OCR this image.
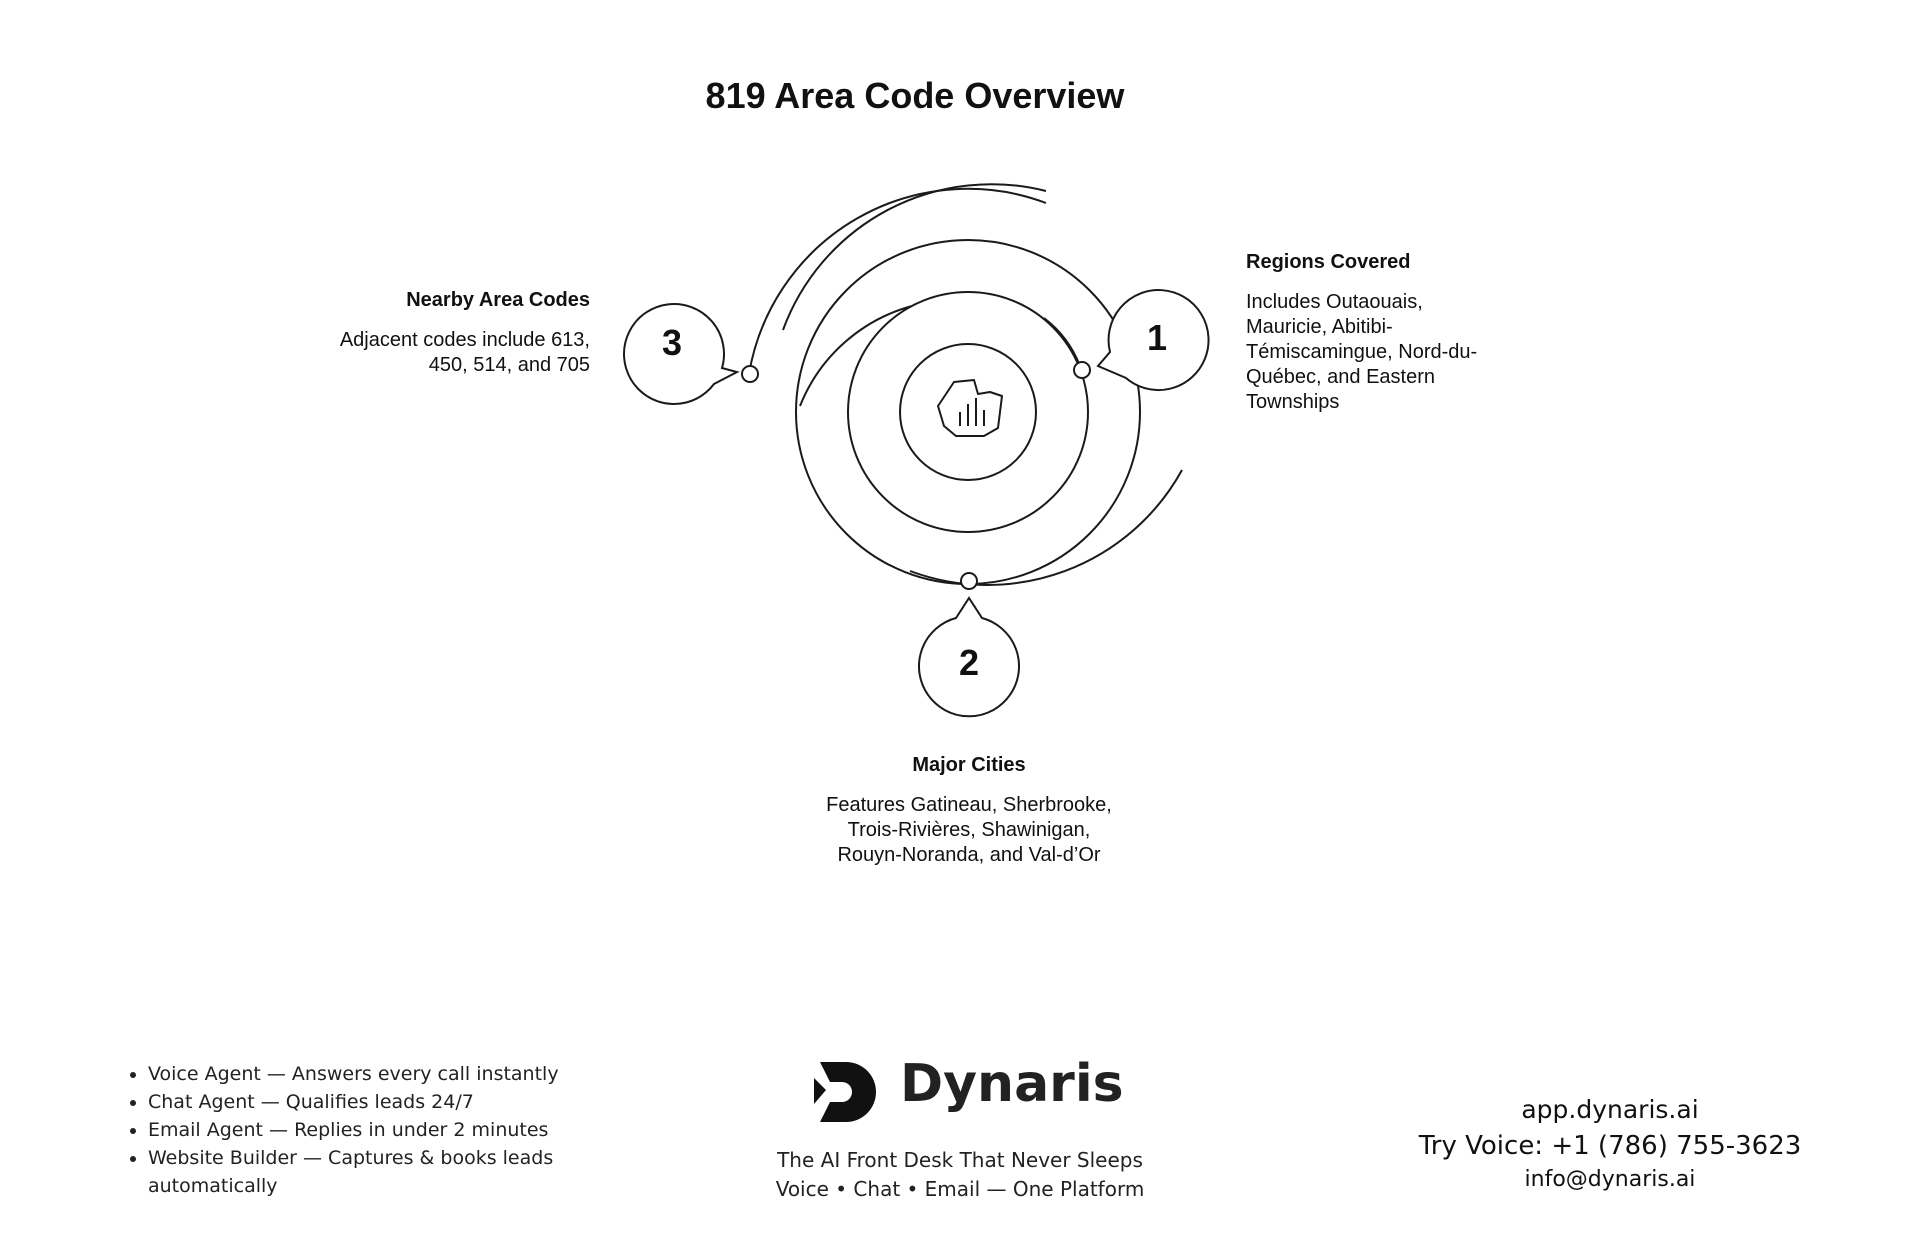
819 Area Code Overview
1
2
3

Regions Covered

Includes Outaouais,
Mauricie, Abitibi-
Témiscamingue, Nord-du-
Québec, and Eastern
Townships

Major Cities

Features Gatineau, Sherbrooke,
Trois-Rivières, Shawinigan,
Rouyn-Noranda, and Val-d’Or

Nearby Area Codes

Adjacent codes include 613,
450, 514, and 705

• Voice Agent — Answers every call instantly
• Chat Agent — Qualifies leads 24/7
• Email Agent — Replies in under 2 minutes
• Website Builder — Captures & books leads automatically
Dynaris
The AI Front Desk That Never Sleeps
Voice • Chat • Email — One Platform
app.dynaris.ai
Try Voice: +1 (786) 755-3623
info@dynaris.ai
